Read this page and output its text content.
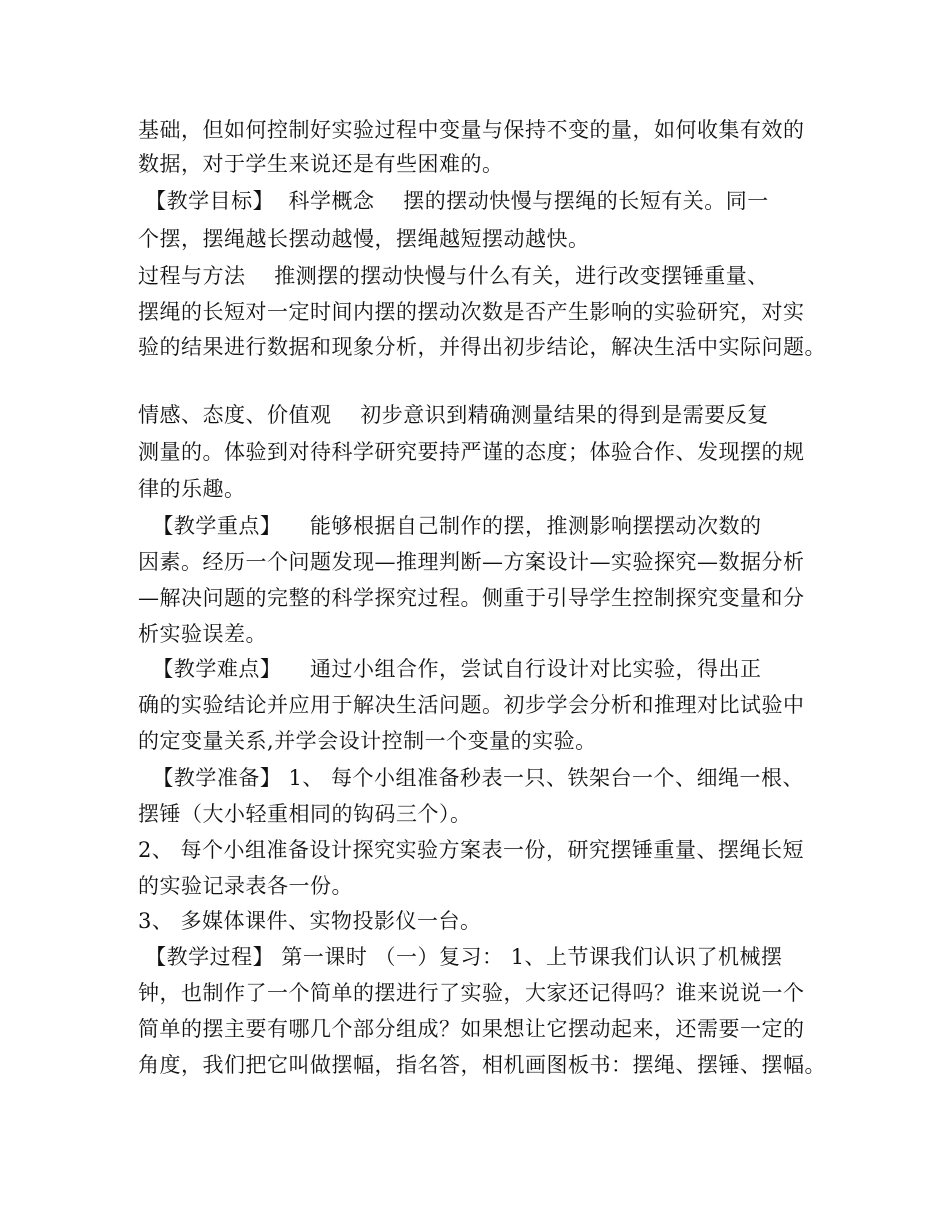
基础，但如何控制好实验过程中变量与保持不变的量，如何收集有效的
数据，对于学生来说还是有些困难的。
【教学目标】  科学概念    摆的摆动快慢与摆绳的长短有关。同一
个摆，摆绳越长摆动越慢，摆绳越短摆动越快。
过程与方法    推测摆的摆动快慢与什么有关，进行改变摆锤重量、
摆绳的长短对一定时间内摆的摆动次数是否产生影响的实验研究，对实
验的结果进行数据和现象分析，并得出初步结论，解决生活中实际问题。
情感、态度、价值观    初步意识到精确测量结果的得到是需要反复
测量的。体验到对待科学研究要持严谨的态度；体验合作、发现摆的规
律的乐趣。
【教学重点】    能够根据自己制作的摆，推测影响摆摆动次数的
因素。经历一个问题发现—推理判断—方案设计—实验探究—数据分析
—解决问题的完整的科学探究过程。侧重于引导学生控制探究变量和分
析实验误差。
【教学难点】    通过小组合作，尝试自行设计对比实验，得出正
确的实验结论并应用于解决生活问题。初步学会分析和推理对比试验中
的定变量关系,并学会设计控制一个变量的实验。
【教学准备】 1、 每个小组准备秒表一只、铁架台一个、细绳一根、
摆锤（大小轻重相同的钩码三个）。
2、 每个小组准备设计探究实验方案表一份，研究摆锤重量、摆绳长短
的实验记录表各一份。
3、 多媒体课件、实物投影仪一台。
【教学过程】 第一课时 （一）复习： 1、上节课我们认识了机械摆
钟，也制作了一个简单的摆进行了实验，大家还记得吗？谁来说说一个
简单的摆主要有哪几个部分组成？如果想让它摆动起来，还需要一定的
角度，我们把它叫做摆幅，指名答，相机画图板书：摆绳、摆锤、摆幅。
